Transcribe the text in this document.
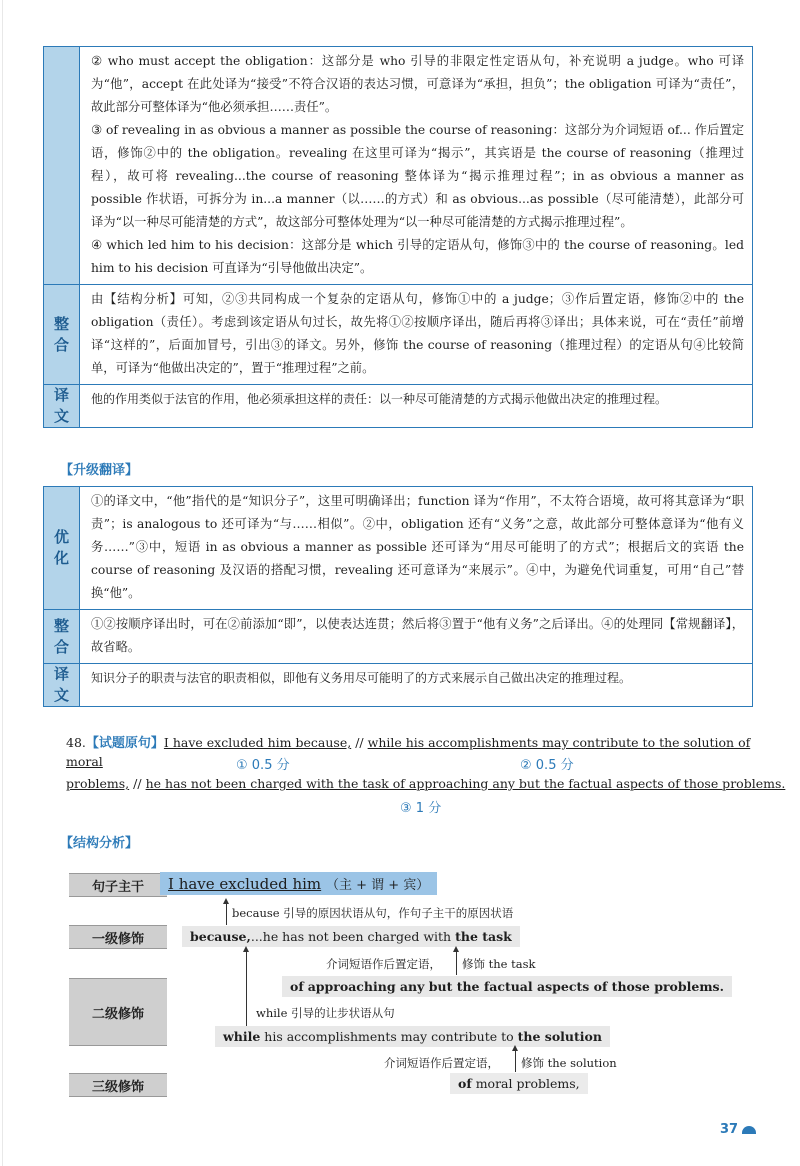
② who must accept the obligation：这部分是 who 引导的非限定性定语从句，补充说明 a judge。who 可译为“他”，accept 在此处译为“接受”不符合汉语的表达习惯，可意译为“承担，担负”；the obligation 可译为“责任”，故此部分可整体译为“他必须承担……责任”。

③ of revealing in as obvious a manner as possible the course of reasoning：这部分为介词短语 of... 作后置定语，修饰②中的 the obligation。revealing 在这里可译为“揭示”，其宾语是 the course of reasoning（推理过程），故可将 revealing...the course of reasoning 整体译为“揭示推理过程”；in as obvious a manner as possible 作状语，可拆分为 in...a manner（以……的方式）和 as obvious...as possible（尽可能清楚），此部分可译为“以一种尽可能清楚的方式”，故这部分可整体处理为“以一种尽可能清楚的方式揭示推理过程”。

④ which led him to his decision：这部分是 which 引导的定语从句，修饰③中的 the course of reasoning。led him to his decision 可直译为“引导他做出决定”。

整
合

由【结构分析】可知，②③共同构成一个复杂的定语从句，修饰①中的 a judge；③作后置定语，修饰②中的 the obligation（责任）。考虑到该定语从句过长，故先将①②按顺序译出，随后再将③译出；具体来说，可在“责任”前增译“这样的”，后面加冒号，引出③的译文。另外，修饰 the course of reasoning（推理过程）的定语从句④比较简单，可译为“他做出决定的”，置于“推理过程”之前。

译
文

他的作用类似于法官的作用，他必须承担这样的责任：以一种尽可能清楚的方式揭示他做出决定的推理过程。

【升级翻译】
优
化

①的译文中，“他”指代的是“知识分子”，这里可明确译出；function 译为“作用”，不太符合语境，故可将其意译为“职责”；is analogous to 还可译为“与……相似”。②中，obligation 还有“义务”之意，故此部分可整体意译为“他有义务……”③中，短语 in as obvious a manner as possible 还可译为“用尽可能明了的方式”；根据后文的宾语 the course of reasoning 及汉语的搭配习惯，revealing 还可意译为“来展示”。④中，为避免代词重复，可用“自己”替换“他”。

整
合

①②按顺序译出时，可在②前添加“即”，以使表达连贯；然后将③置于“他有义务”之后译出。④的处理同【常规翻译】，故省略。

译
文

知识分子的职责与法官的职责相似，即他有义务用尽可能明了的方式来展示自己做出决定的推理过程。

48.【试题原句】I have excluded him because, // while his accomplishments may contribute to the solution of moral	① 0.5 分	② 0.5 分
problems, // he has not been charged with the task of approaching any but the factual aspects of those problems.
③ 1 分
【结构分析】
句子主干
一级修饰
二级修饰
三级修饰
I have excluded him （主 + 谓 + 宾）
because 引导的原因状语从句，作句子主干的原因状语
because,...he has not been charged with the task
介词短语作后置定语， 修饰 the task
of approaching any but the factual aspects of those problems.
while 引导的让步状语从句
while his accomplishments may contribute to the solution
介词短语作后置定语， 修饰 the solution
of moral problems,
37
